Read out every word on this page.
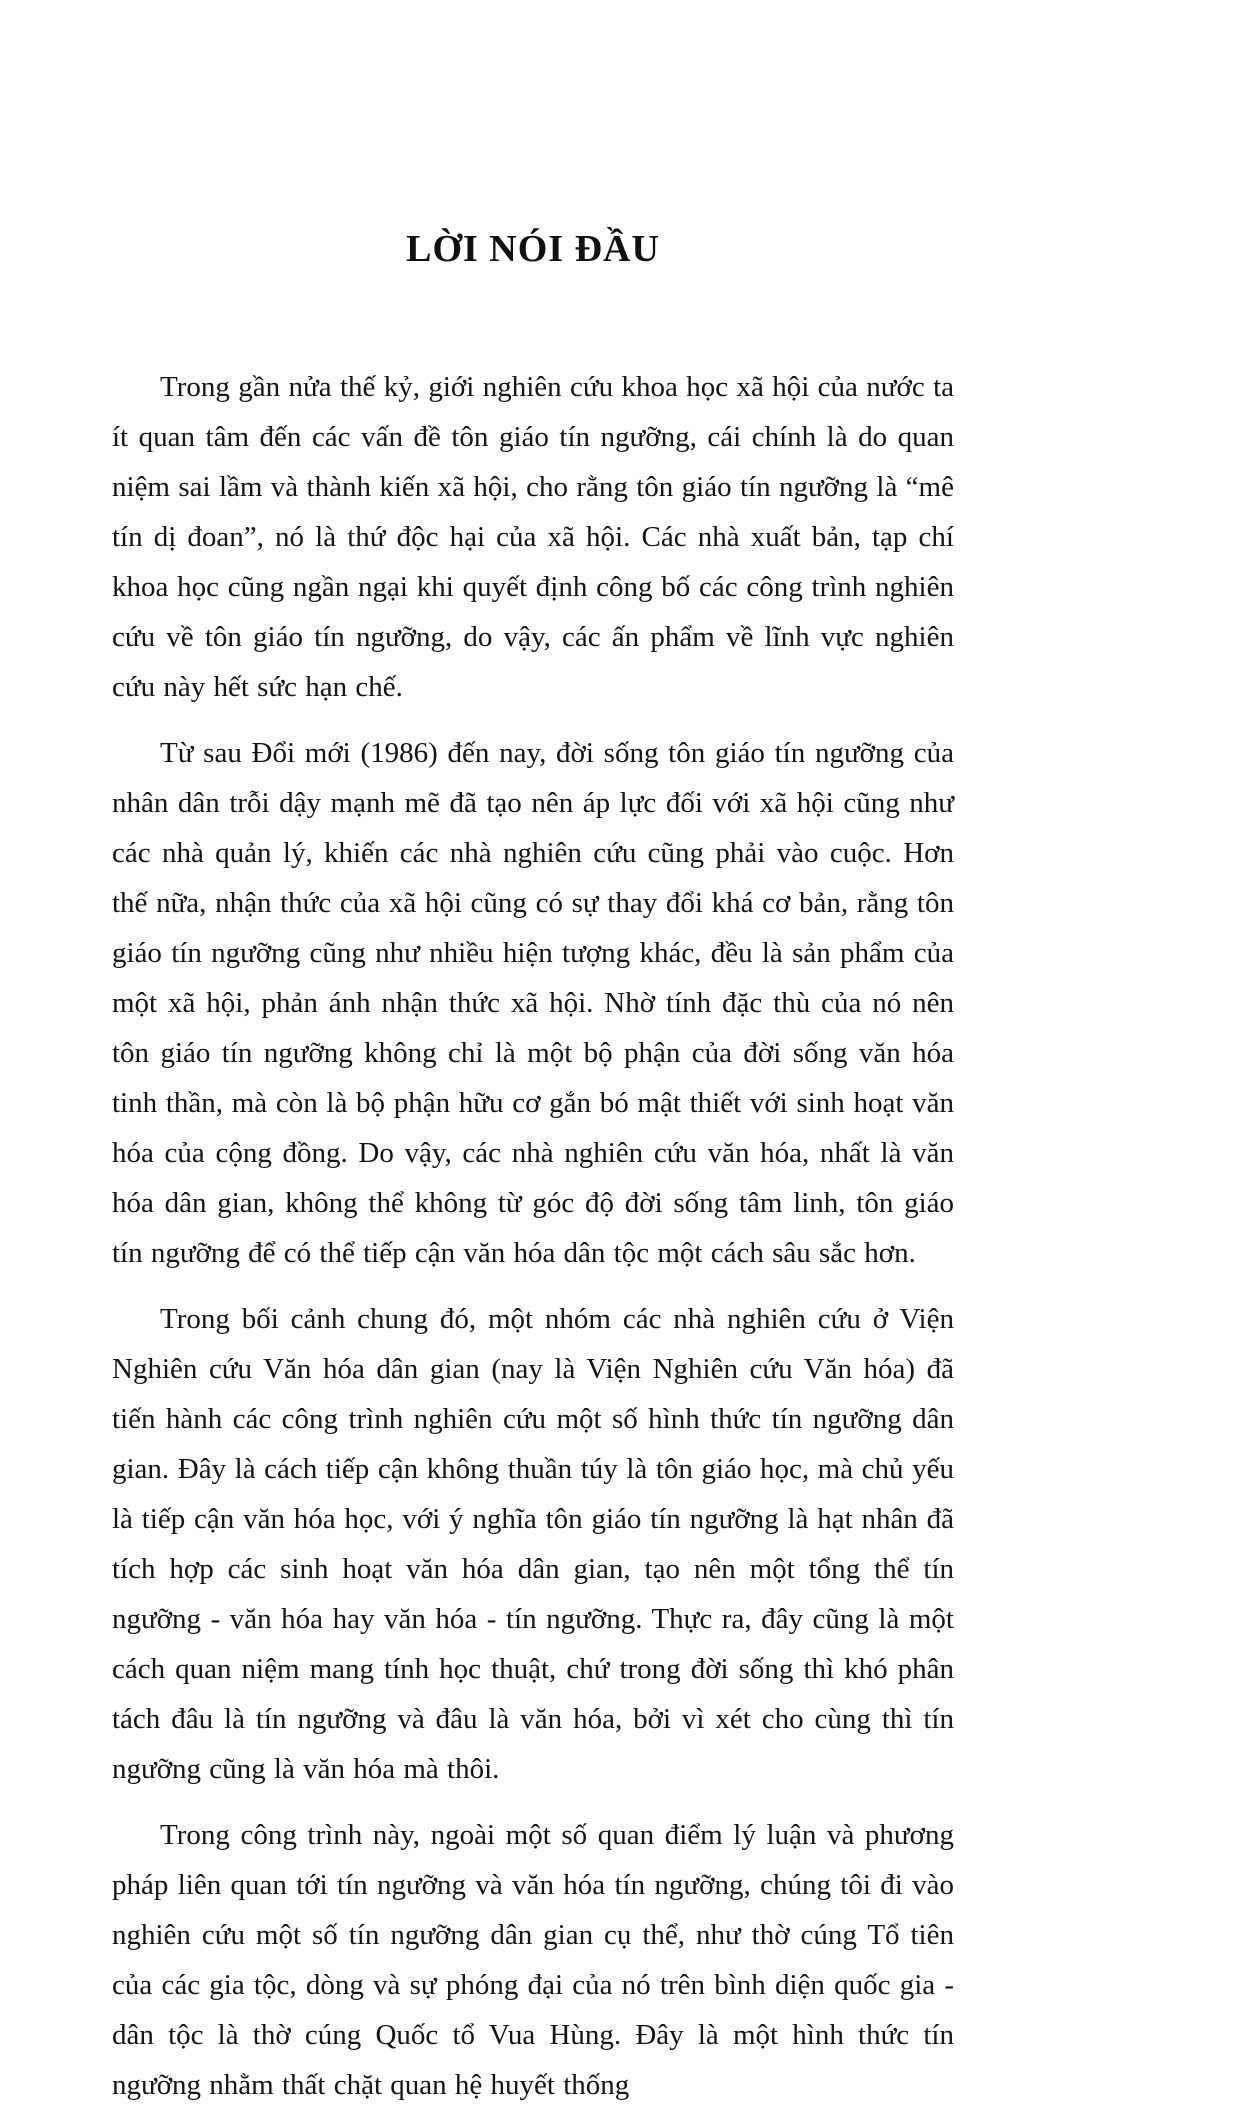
LỜI NÓI ĐẦU

Trong gần nửa thế kỷ, giới nghiên cứu khoa học xã hội của nước ta ít quan tâm đến các vấn đề tôn giáo tín ngưỡng, cái chính là do quan niệm sai lầm và thành kiến xã hội, cho rằng tôn giáo tín ngưỡng là “mê tín dị đoan”, nó là thứ độc hại của xã hội. Các nhà xuất bản, tạp chí khoa học cũng ngần ngại khi quyết định công bố các công trình nghiên cứu về tôn giáo tín ngưỡng, do vậy, các ấn phẩm về lĩnh vực nghiên cứu này hết sức hạn chế.

Từ sau Đổi mới (1986) đến nay, đời sống tôn giáo tín ngưỡng của nhân dân trỗi dậy mạnh mẽ đã tạo nên áp lực đối với xã hội cũng như các nhà quản lý, khiến các nhà nghiên cứu cũng phải vào cuộc. Hơn thế nữa, nhận thức của xã hội cũng có sự thay đổi khá cơ bản, rằng tôn giáo tín ngưỡng cũng như nhiều hiện tượng khác, đều là sản phẩm của một xã hội, phản ánh nhận thức xã hội. Nhờ tính đặc thù của nó nên tôn giáo tín ngưỡng không chỉ là một bộ phận của đời sống văn hóa tinh thần, mà còn là bộ phận hữu cơ gắn bó mật thiết với sinh hoạt văn hóa của cộng đồng. Do vậy, các nhà nghiên cứu văn hóa, nhất là văn hóa dân gian, không thể không từ góc độ đời sống tâm linh, tôn giáo tín ngưỡng để có thể tiếp cận văn hóa dân tộc một cách sâu sắc hơn.

Trong bối cảnh chung đó, một nhóm các nhà nghiên cứu ở Viện Nghiên cứu Văn hóa dân gian (nay là Viện Nghiên cứu Văn hóa) đã tiến hành các công trình nghiên cứu một số hình thức tín ngưỡng dân gian. Đây là cách tiếp cận không thuần túy là tôn giáo học, mà chủ yếu là tiếp cận văn hóa học, với ý nghĩa tôn giáo tín ngưỡng là hạt nhân đã tích hợp các sinh hoạt văn hóa dân gian, tạo nên một tổng thể tín ngưỡng - văn hóa hay văn hóa - tín ngưỡng. Thực ra, đây cũng là một cách quan niệm mang tính học thuật, chứ trong đời sống thì khó phân tách đâu là tín ngưỡng và đâu là văn hóa, bởi vì xét cho cùng thì tín ngưỡng cũng là văn hóa mà thôi.

Trong công trình này, ngoài một số quan điểm lý luận và phương pháp liên quan tới tín ngưỡng và văn hóa tín ngưỡng, chúng tôi đi vào nghiên cứu một số tín ngưỡng dân gian cụ thể, như thờ cúng Tổ tiên của các gia tộc, dòng và sự phóng đại của nó trên bình diện quốc gia - dân tộc là thờ cúng Quốc tổ Vua Hùng. Đây là một hình thức tín ngưỡng nhằm thất chặt quan hệ huyết thống
